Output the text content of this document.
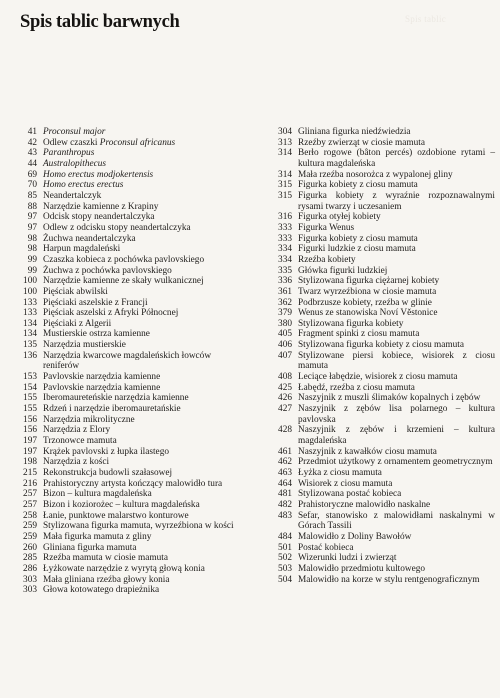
Spis tablic
Spis tablic barwnych
41 Proconsul major
42 Odlew czaszki Proconsul africanus
43 Paranthropus
44 Australopithecus
69 Homo erectus modjokertensis
70 Homo erectus erectus
85 Neandertalczyk
88 Narzędzie kamienne z Krapiny
97 Odcisk stopy neandertalczyka
97 Odlew z odcisku stopy neandertalczyka
98 Żuchwa neandertalczyka
98 Harpun magdaleński
99 Czaszka kobieca z pochówka pavlovskiego
99 Żuchwa z pochówka pavlovskiego
100 Narzędzie kamienne ze skały wulkanicznej
100 Pięściak abwilski
133 Pięściaki aszelskie z Francji
133 Pięściak aszelski z Afryki Północnej
134 Pięściaki z Algerii
134 Mustierskie ostrza kamienne
135 Narzędzia mustierskie
136 Narzędzia kwarcowe magdaleńskich łowców reniferów
153 Pavlovskie narzędzia kamienne
154 Pavlovskie narzędzia kamienne
155 Iberomaureteńskie narzędzia kamienne
155 Rdzeń i narzędzie iberomauretańskie
156 Narzędzia mikrolityczne
156 Narzędzia z Elory
197 Trzonowce mamuta
197 Krążek pavlovski z łupka ilastego
198 Narzędzia z kości
215 Rekonstrukcja budowli szałasowej
216 Prahistoryczny artysta kończący malowidło tura
257 Bizon – kultura magdaleńska
257 Bizon i koziorożec – kultura magdaleńska
258 Łanie, punktowe malarstwo konturowe
259 Stylizowana figurka mamuta, wyrzeźbiona w kości
259 Mała figurka mamuta z gliny
260 Gliniana figurka mamuta
285 Rzeźba mamuta w ciosie mamuta
286 Łyżkowate narzędzie z wyrytą głową konia
303 Mała gliniana rzeźba głowy konia
303 Głowa kotowatego drapieżnika
304 Gliniana figurka niedźwiedzia
313 Rzeźby zwierząt w ciosie mamuta
314 Berło rogowe (bâton percés) ozdobione rytami – kultura magdaleńska
314 Mała rzeźba nosorożca z wypalonej gliny
315 Figurka kobiety z ciosu mamuta
315 Figurka kobiety z wyraźnie rozpoznawalnymi rysami twarzy i uczesaniem
316 Figurka otyłej kobiety
333 Figurka Wenus
333 Figurka kobiety z ciosu mamuta
334 Figurki ludzkie z ciosu mamuta
334 Rzeźba kobiety
335 Główka figurki ludzkiej
336 Stylizowana figurka ciężarnej kobiety
361 Twarz wyrzeźbiona w ciosie mamuta
362 Podbrzusze kobiety, rzeźba w glinie
379 Wenus ze stanowiska Noví Věstonice
380 Stylizowana figurka kobiety
405 Fragment spinki z ciosu mamuta
406 Stylizowana figurka kobiety z ciosu mamuta
407 Stylizowane piersi kobiece, wisiorek z ciosu mamuta
408 Leciące łabędzie, wisiorek z ciosu mamuta
425 Łabędź, rzeźba z ciosu mamuta
426 Naszyjnik z muszli ślimaków kopalnych i zębów
427 Naszyjnik z zębów lisa polarnego – kultura pavlovska
428 Naszyjnik z zębów i krzemieni – kultura magdaleńska
461 Naszyjnik z kawałków ciosu mamuta
462 Przedmiot użytkowy z ornamentem geometrycznym
463 Łyżka z ciosu mamuta
464 Wisiorek z ciosu mamuta
481 Stylizowana postać kobieca
482 Prahistoryczne malowidło naskalne
483 Sefar, stanowisko z malowidłami naskalnymi w Górach Tassili
484 Malowidło z Doliny Bawołów
501 Postać kobieca
502 Wizerunki ludzi i zwierząt
503 Malowidło przedmiotu kultowego
504 Malowidło na korze w stylu rentgenograficznym
